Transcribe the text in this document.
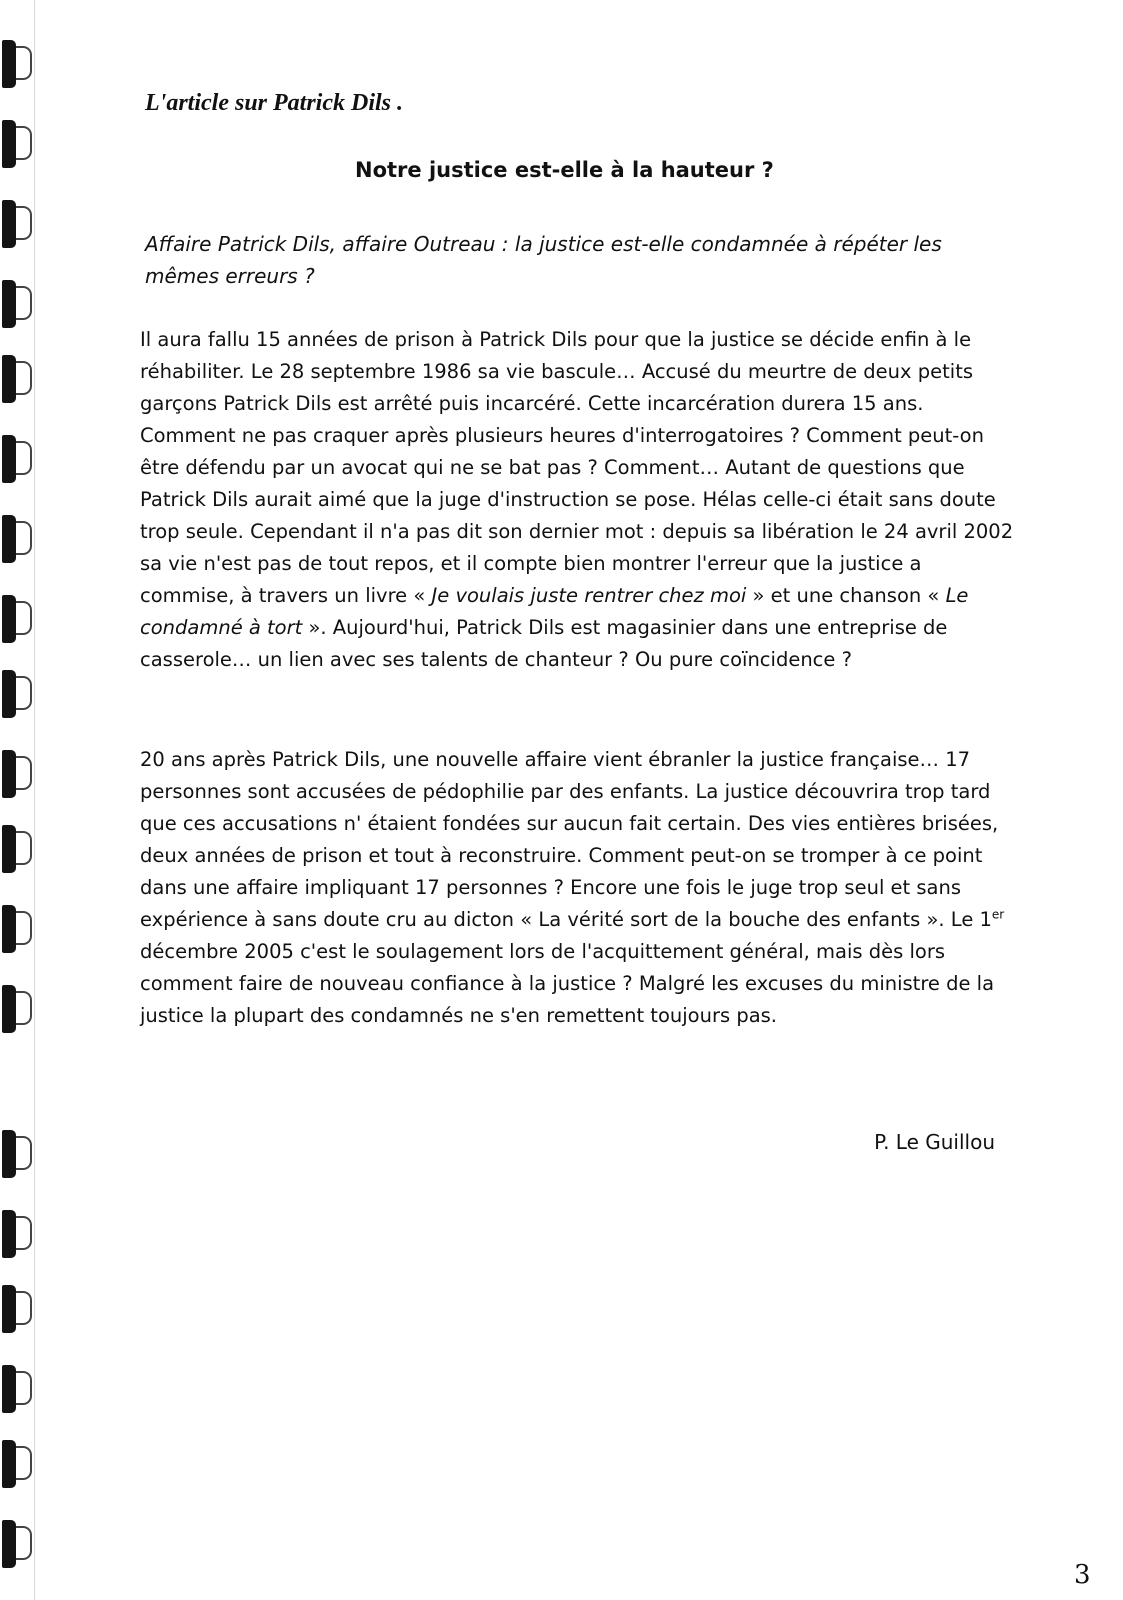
L'article sur Patrick Dils .
Notre justice est-elle à la hauteur ?

Affaire Patrick Dils, affaire Outreau : la justice est-elle condamnée à répéter les mêmes erreurs ?

Il aura fallu 15 années de prison à Patrick Dils pour que la justice se décide enfin à le réhabiliter. Le 28 septembre 1986 sa vie bascule… Accusé du meurtre de deux petits garçons Patrick Dils est arrêté puis incarcéré. Cette incarcération durera 15 ans. Comment ne pas craquer après plusieurs heures d'interrogatoires ? Comment peut-on être défendu par un avocat qui ne se bat pas ? Comment… Autant de questions que Patrick Dils aurait aimé que la juge d'instruction se pose. Hélas celle-ci était sans doute trop seule. Cependant il n'a pas dit son dernier mot : depuis sa libération le 24 avril 2002 sa vie n'est pas de tout repos, et il compte bien montrer l'erreur que la justice a commise, à travers un livre « Je voulais juste rentrer chez moi » et une chanson « Le condamné à tort ». Aujourd'hui, Patrick Dils est magasinier dans une entreprise de casserole… un lien avec ses talents de chanteur ? Ou pure coïncidence ?

20 ans après Patrick Dils, une nouvelle affaire vient ébranler la justice française… 17 personnes sont accusées de pédophilie par des enfants. La justice découvrira trop tard que ces accusations n' étaient fondées sur aucun fait certain. Des vies entières brisées, deux années de prison et tout à reconstruire. Comment peut-on se tromper à ce point dans une affaire impliquant 17 personnes ? Encore une fois le juge trop seul et sans expérience à sans doute cru au dicton « La vérité sort de la bouche des enfants ». Le 1er décembre 2005 c'est le soulagement lors de l'acquittement général, mais dès lors comment faire de nouveau confiance à la justice ? Malgré les excuses du ministre de la justice la plupart des condamnés ne s'en remettent toujours pas.

P. Le Guillou

3
